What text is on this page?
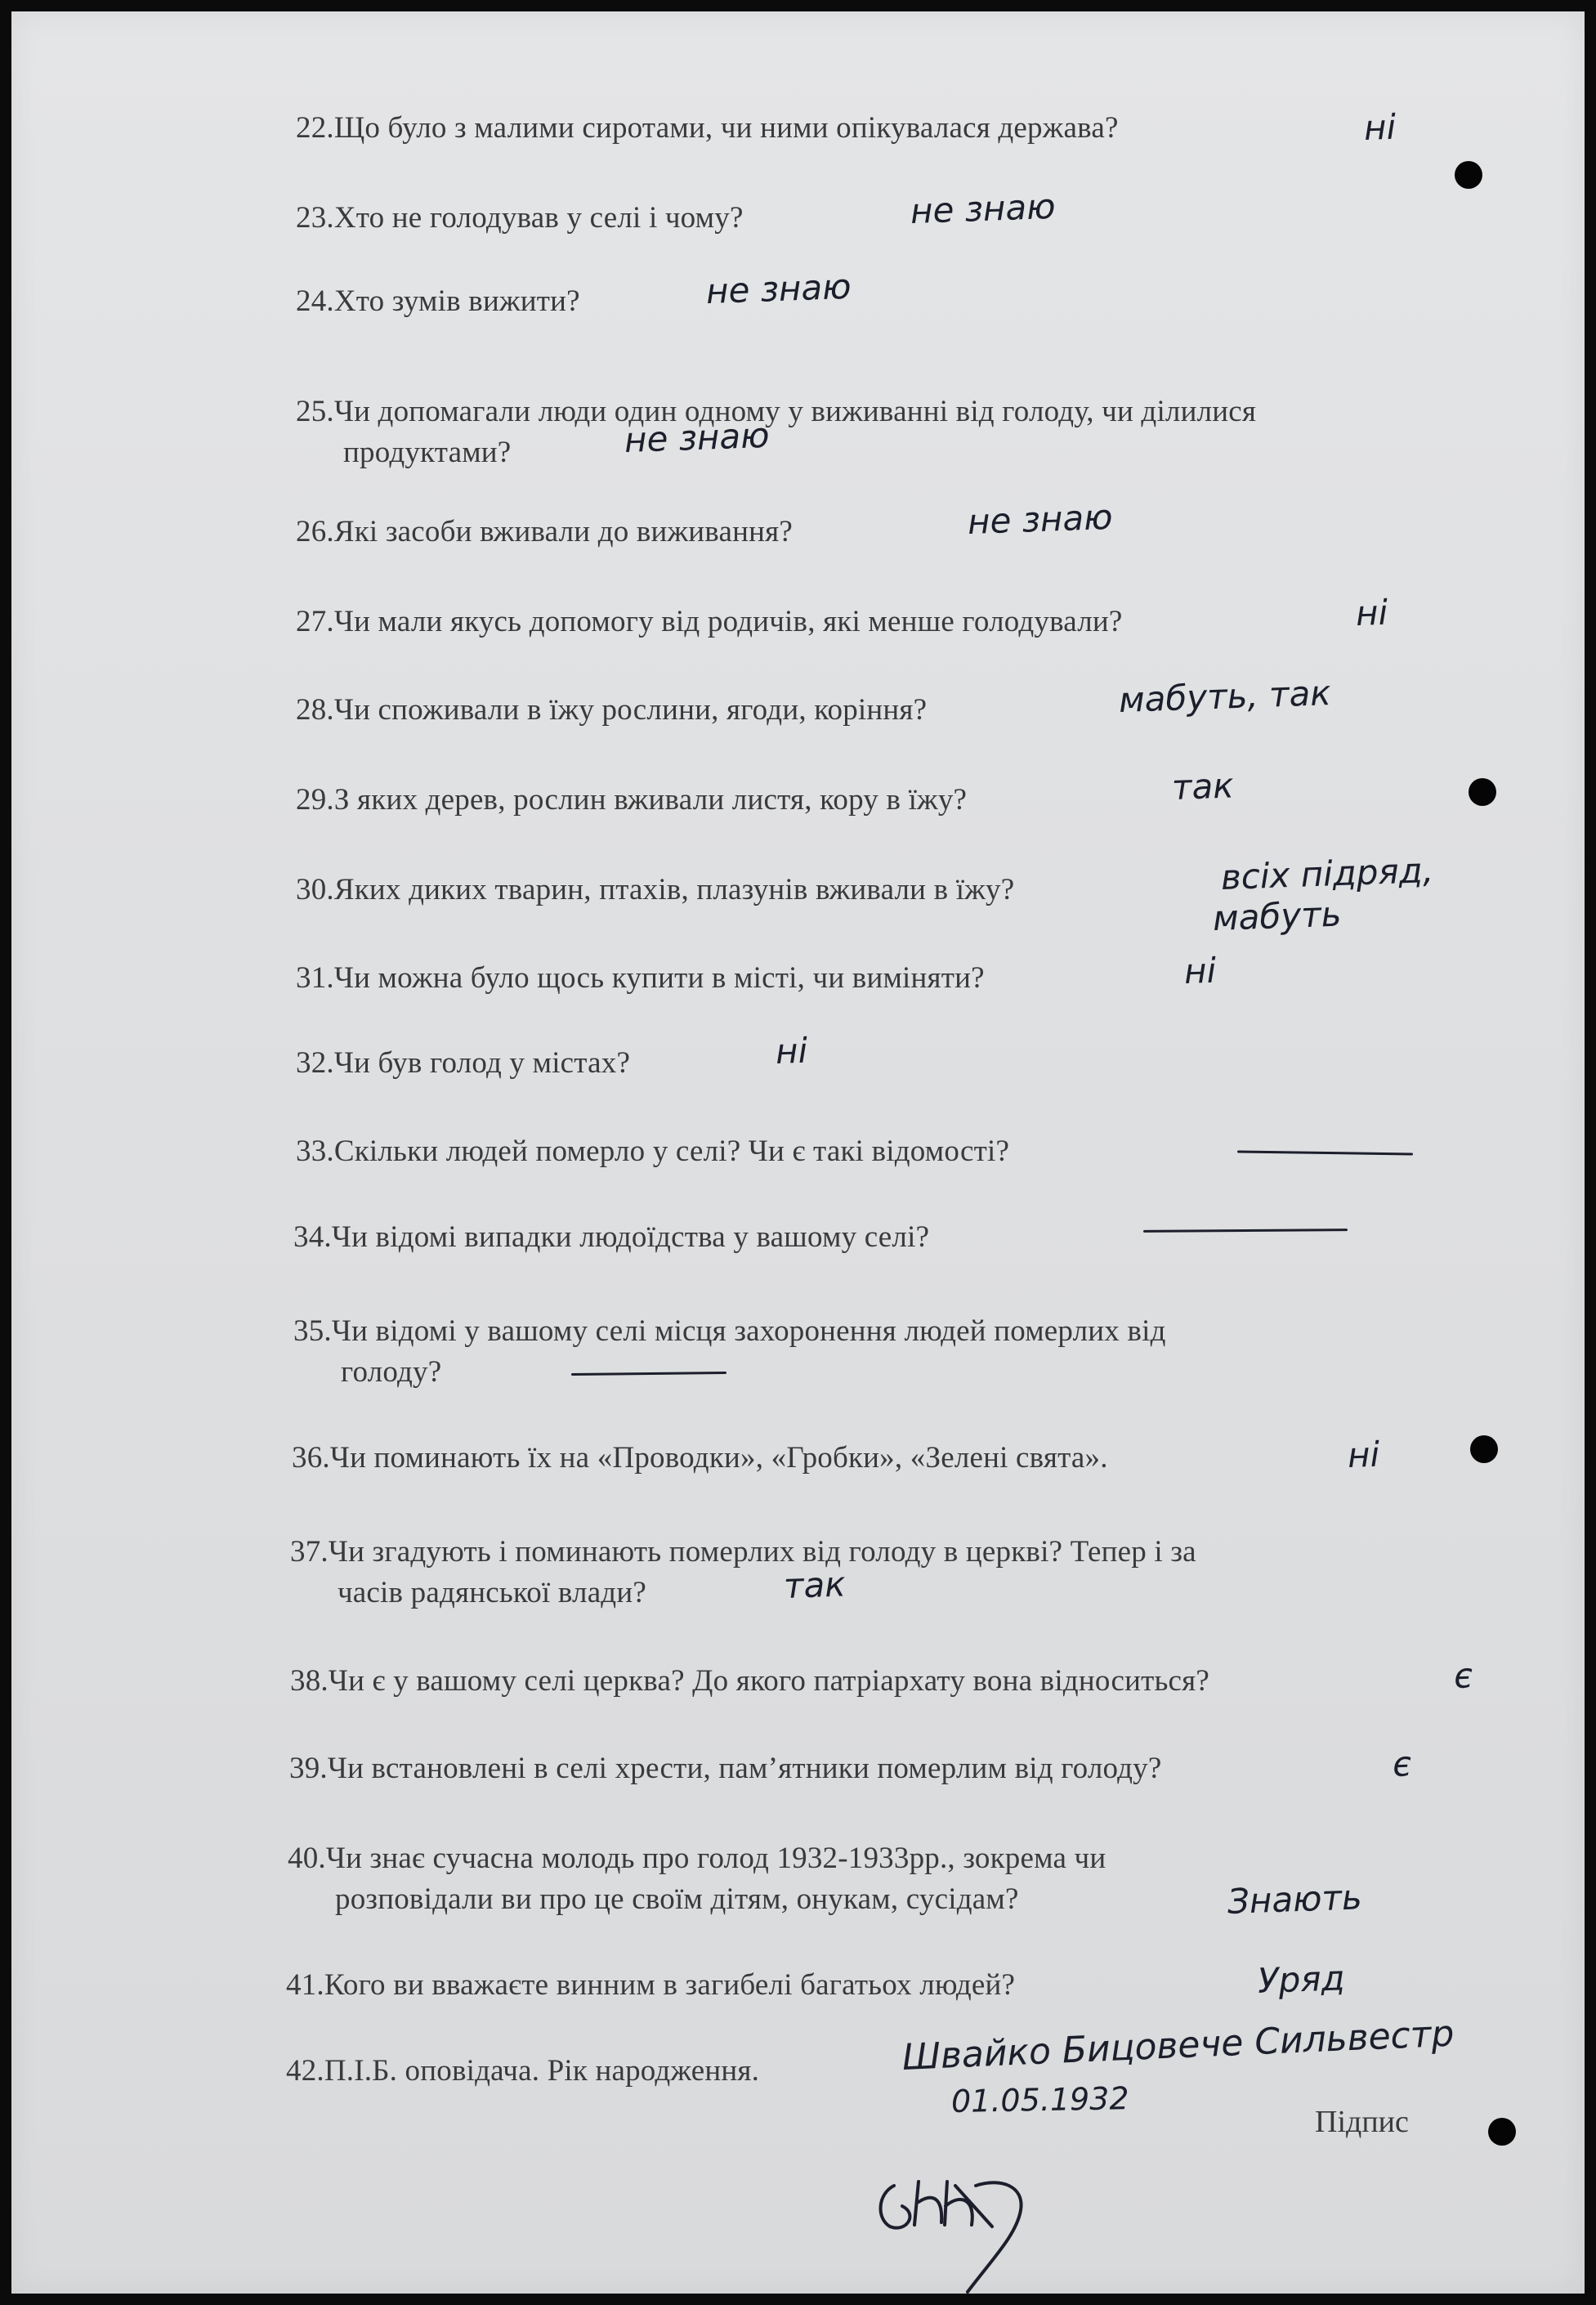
22.Що було з малими сиротами, чи ними опікувалася держава?
23.Хто не голодував у селі і чому?
24.Хто зумів вижити?
25.Чи допомагали люди один одному у виживанні від голоду, чи ділилися
продуктами?
26.Які засоби вживали до виживання?
27.Чи мали якусь допомогу від родичів, які менше голодували?
28.Чи споживали в їжу рослини, ягоди, коріння?
29.З яких дерев, рослин вживали листя, кору в їжу?
30.Яких диких тварин, птахів, плазунів вживали в їжу?
31.Чи можна було щось купити в місті, чи виміняти?
32.Чи був голод у містах?
33.Скільки людей померло у селі? Чи є такі відомості?
34.Чи відомі випадки людоїдства у вашому селі?
35.Чи відомі у вашому селі місця захоронення людей померлих від
голоду?
36.Чи поминають їх на «Проводки», «Гробки», «Зелені свята».
37.Чи згадують і поминають померлих від голоду в церкві? Тепер і за
часів радянської влади?
38.Чи є у вашому селі церква? До якого патріархату вона відноситься?
39.Чи встановлені в селі хрести, пам’ятники померлим від голоду?
40.Чи знає сучасна молодь про голод 1932-1933рр., зокрема чи
розповідали ви про це своїм дітям, онукам, сусідам?
41.Кого ви вважаєте винним в загибелі багатьох людей?
42.П.І.Б. оповідача. Рік народження.
ні
не знаю
не знаю
не знаю
не знаю
ні
мабуть, так
так
всіх підряд,
мабуть
ні
ні
ні
так
є
є
Знають
Уряд
Швайко Бицовече Сильвестр
01.05.1932
Підпис
